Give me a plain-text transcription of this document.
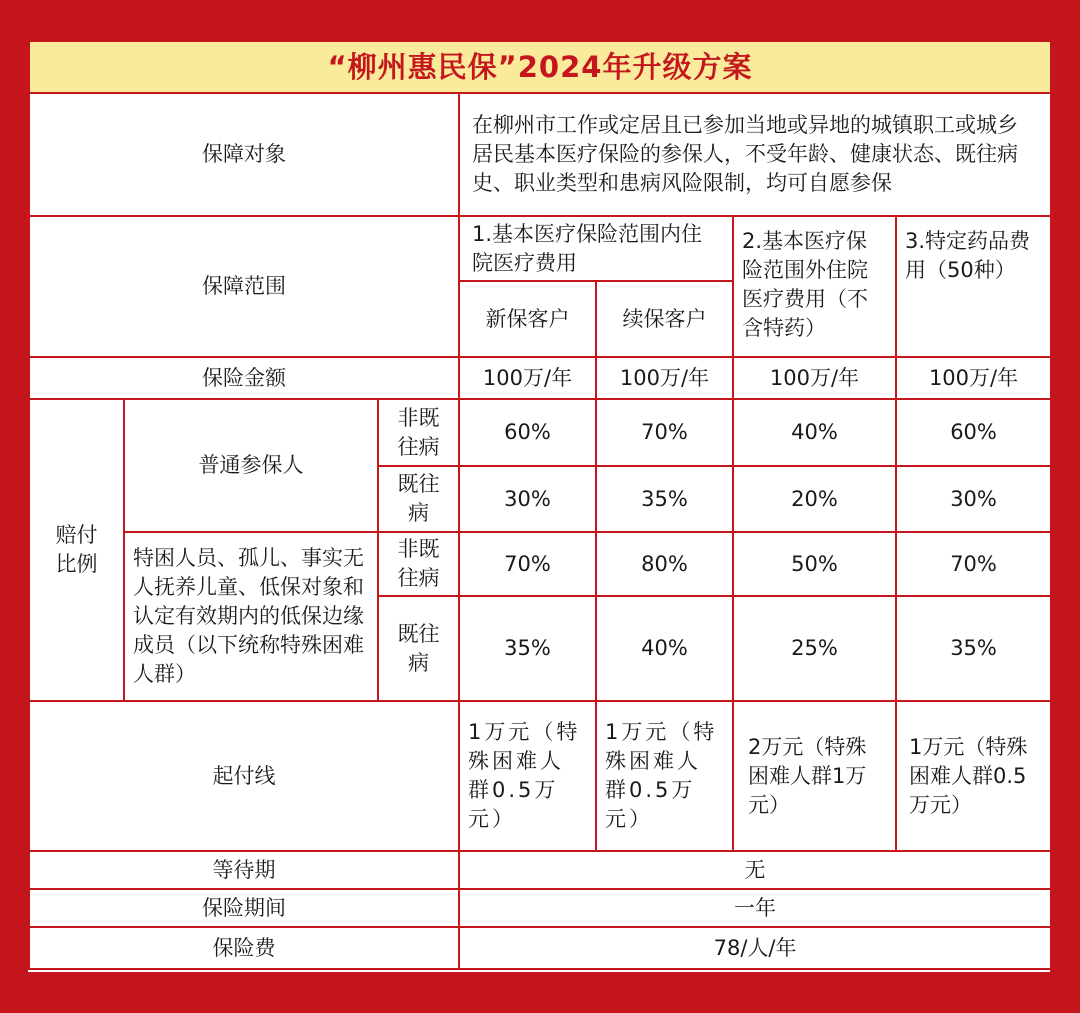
“柳州惠民保”2024年升级方案						
保障对象			在柳州市工作或定居且已参加当地或异地的城镇职工或城乡居民基本医疗保险的参保人，不受年龄、健康状态、既往病史、职业类型和患病风险限制，均可自愿参保			
保障范围			1.基本医疗保险范围内住院医疗费用		2.基本医疗保险范围外住院医疗费用（不含特药）	3.特定药品费用（50种）
			新保客户	续保客户		
保险金额			100万/年	100万/年	100万/年	100万/年
赔付比例	普通参保人	非既往病	60%	70%	40%	60%
		既往病	30%	35%	20%	30%
	特困人员、孤儿、事实无人抚养儿童、低保对象和认定有效期内的低保边缘成员（以下统称特殊困难人群）	非既往病	70%	80%	50%	70%
		既往病	35%	40%	25%	35%
起付线			1万元（特殊困难人群0.5万元）	1万元（特殊困难人群0.5万元）	2万元（特殊困难人群1万元）	1万元（特殊困难人群0.5万元）
等待期			无			
保险期间			一年			
保险费			78/人/年			
